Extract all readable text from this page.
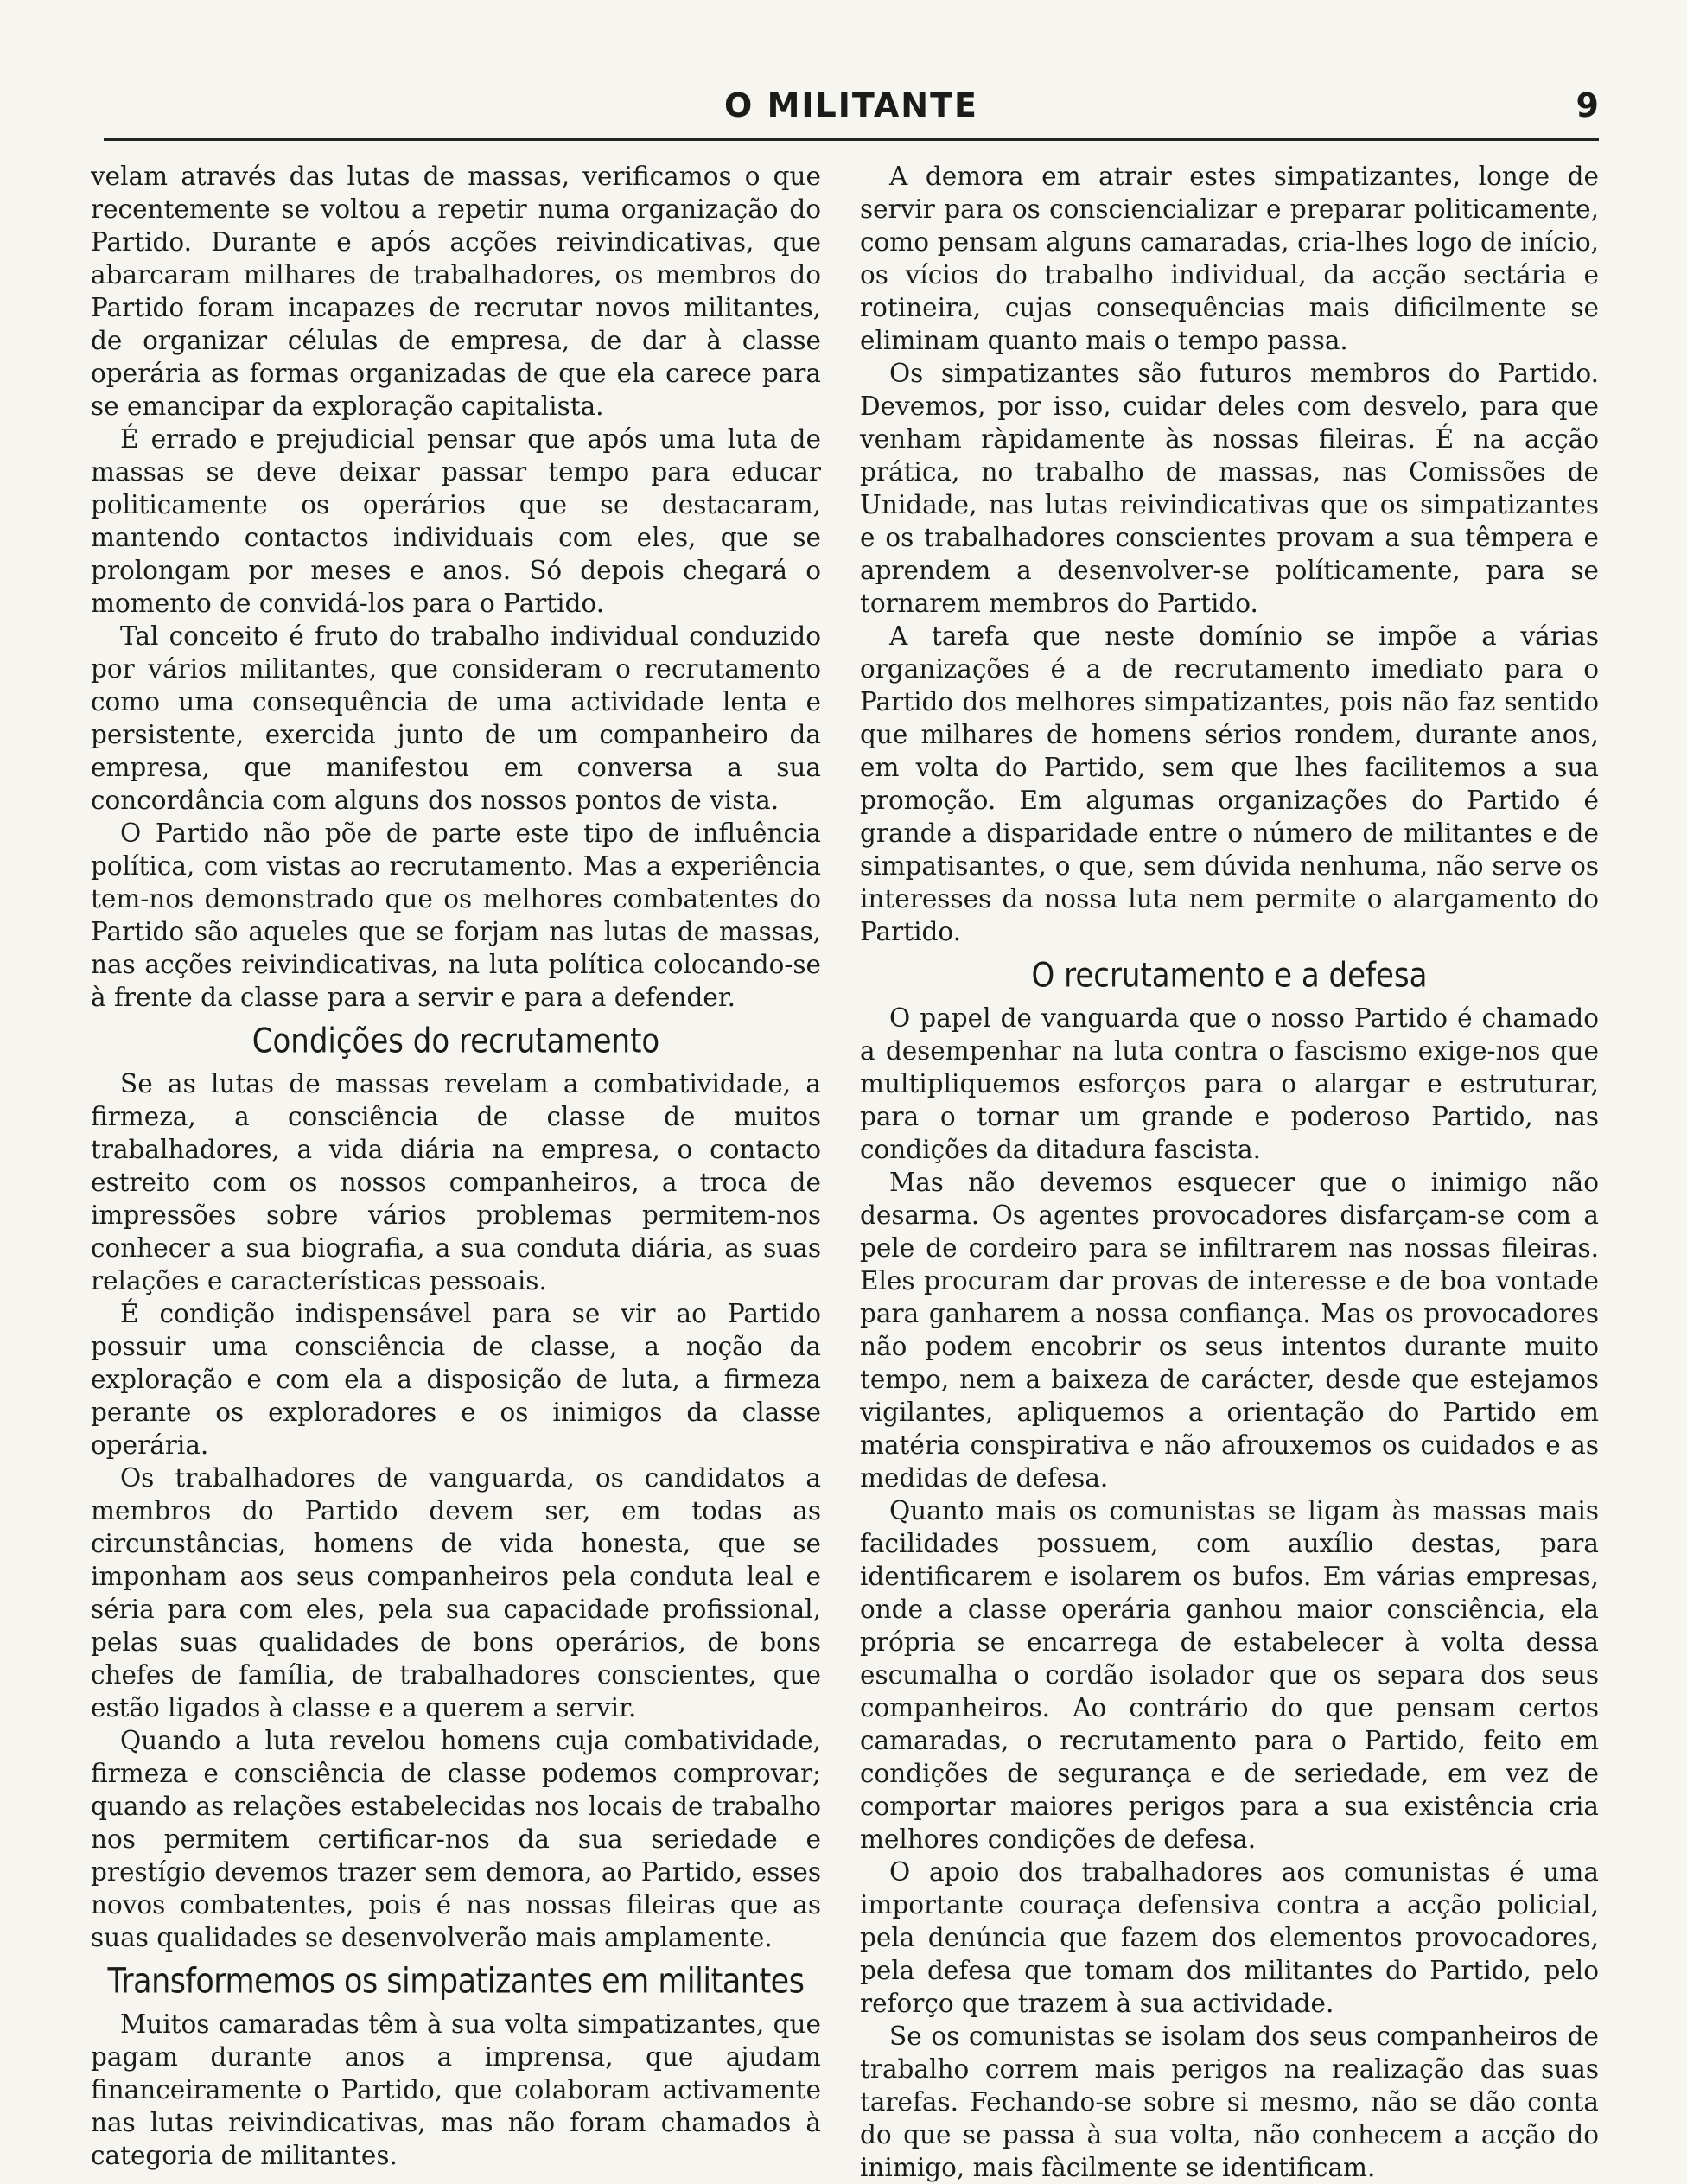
O MILITANTE	9

velam através das lutas de massas, verificamos o que recentemente se voltou a repetir numa organização do Partido. Durante e após acções reivindicativas, que abarcaram milhares de trabalhadores, os membros do Partido foram incapazes de recrutar novos militantes, de organizar células de empresa, de dar à classe operária as formas organizadas de que ela carece para se emancipar da exploração capitalista.

É errado e prejudicial pensar que após uma luta de massas se deve deixar passar tempo para educar politicamente os operários que se destacaram, mantendo contactos individuais com eles, que se prolongam por meses e anos. Só depois chegará o momento de convidá-los para o Partido.

Tal conceito é fruto do trabalho individual conduzido por vários militantes, que consideram o recrutamento como uma consequência de uma actividade lenta e persistente, exercida junto de um companheiro da empresa, que manifestou em conversa a sua concordância com alguns dos nossos pontos de vista.

O Partido não põe de parte este tipo de influência política, com vistas ao recrutamento. Mas a experiência tem-nos demonstrado que os melhores combatentes do Partido são aqueles que se forjam nas lutas de massas, nas acções reivindicativas, na luta política colocando-se à frente da classe para a servir e para a defender.

Condições do recrutamento

Se as lutas de massas revelam a combatividade, a firmeza, a consciência de classe de muitos trabalhadores, a vida diária na empresa, o contacto estreito com os nossos companheiros, a troca de impressões sobre vários problemas permitem-nos conhecer a sua biografia, a sua conduta diária, as suas relações e características pessoais.

É condição indispensável para se vir ao Partido possuir uma consciência de classe, a noção da exploração e com ela a disposição de luta, a firmeza perante os exploradores e os inimigos da classe operária.

Os trabalhadores de vanguarda, os candidatos a membros do Partido devem ser, em todas as circunstâncias, homens de vida honesta, que se imponham aos seus companheiros pela conduta leal e séria para com eles, pela sua capacidade profissional, pelas suas qualidades de bons operários, de bons chefes de família, de trabalhadores conscientes, que estão ligados à classe e a querem a servir.

Quando a luta revelou homens cuja combatividade, firmeza e consciência de classe podemos comprovar; quando as relações estabelecidas nos locais de trabalho nos permitem certificar-nos da sua seriedade e prestígio devemos trazer sem demora, ao Partido, esses novos combatentes, pois é nas nossas fileiras que as suas qualidades se desenvolverão mais amplamente.

Transformemos os simpatizantes em militantes

Muitos camaradas têm à sua volta simpatizantes, que pagam durante anos a imprensa, que ajudam financeiramente o Partido, que colaboram activamente nas lutas reivindicativas, mas não foram chamados à categoria de militantes.

A demora em atrair estes simpatizantes, longe de servir para os consciencializar e preparar politicamente, como pensam alguns camaradas, cria-lhes logo de início, os vícios do trabalho individual, da acção sectária e rotineira, cujas consequências mais dificilmente se eliminam quanto mais o tempo passa.

Os simpatizantes são futuros membros do Partido. Devemos, por isso, cuidar deles com desvelo, para que venham ràpidamente às nossas fileiras. É na acção prática, no trabalho de massas, nas Comissões de Unidade, nas lutas reivindicativas que os simpatizantes e os trabalhadores conscientes provam a sua têmpera e aprendem a desenvolver-se políticamente, para se tornarem membros do Partido.

A tarefa que neste domínio se impõe a várias organizações é a de recrutamento imediato para o Partido dos melhores simpatizantes, pois não faz sentido que milhares de homens sérios rondem, durante anos, em volta do Partido, sem que lhes facilitemos a sua promoção. Em algumas organizações do Partido é grande a disparidade entre o número de militantes e de simpatisantes, o que, sem dúvida nenhuma, não serve os interesses da nossa luta nem permite o alargamento do Partido.

O recrutamento e a defesa

O papel de vanguarda que o nosso Partido é chamado a desempenhar na luta contra o fascismo exige-nos que multipliquemos esforços para o alargar e estruturar, para o tornar um grande e poderoso Partido, nas condições da ditadura fascista.

Mas não devemos esquecer que o inimigo não desarma. Os agentes provocadores disfarçam-se com a pele de cordeiro para se infiltrarem nas nossas fileiras. Eles procuram dar provas de interesse e de boa vontade para ganharem a nossa confiança. Mas os provocadores não podem encobrir os seus intentos durante muito tempo, nem a baixeza de carácter, desde que estejamos vigilantes, apliquemos a orientação do Partido em matéria conspirativa e não afrouxemos os cuidados e as medidas de defesa.

Quanto mais os comunistas se ligam às massas mais facilidades possuem, com auxílio destas, para identificarem e isolarem os bufos. Em várias empresas, onde a classe operária ganhou maior consciência, ela própria se encarrega de estabelecer à volta dessa escumalha o cordão isolador que os separa dos seus companheiros. Ao contrário do que pensam certos camaradas, o recrutamento para o Partido, feito em condições de segurança e de seriedade, em vez de comportar maiores perigos para a sua existência cria melhores condições de defesa.

O apoio dos trabalhadores aos comunistas é uma importante couraça defensiva contra a acção policial, pela denúncia que fazem dos elementos provocadores, pela defesa que tomam dos militantes do Partido, pelo reforço que trazem à sua actividade.

Se os comunistas se isolam dos seus companheiros de trabalho correm mais perigos na realização das suas tarefas. Fechando-se sobre si mesmo, não se dão conta do que se passa à sua volta, não conhecem a acção do inimigo, mais fàcilmente se identificam.
